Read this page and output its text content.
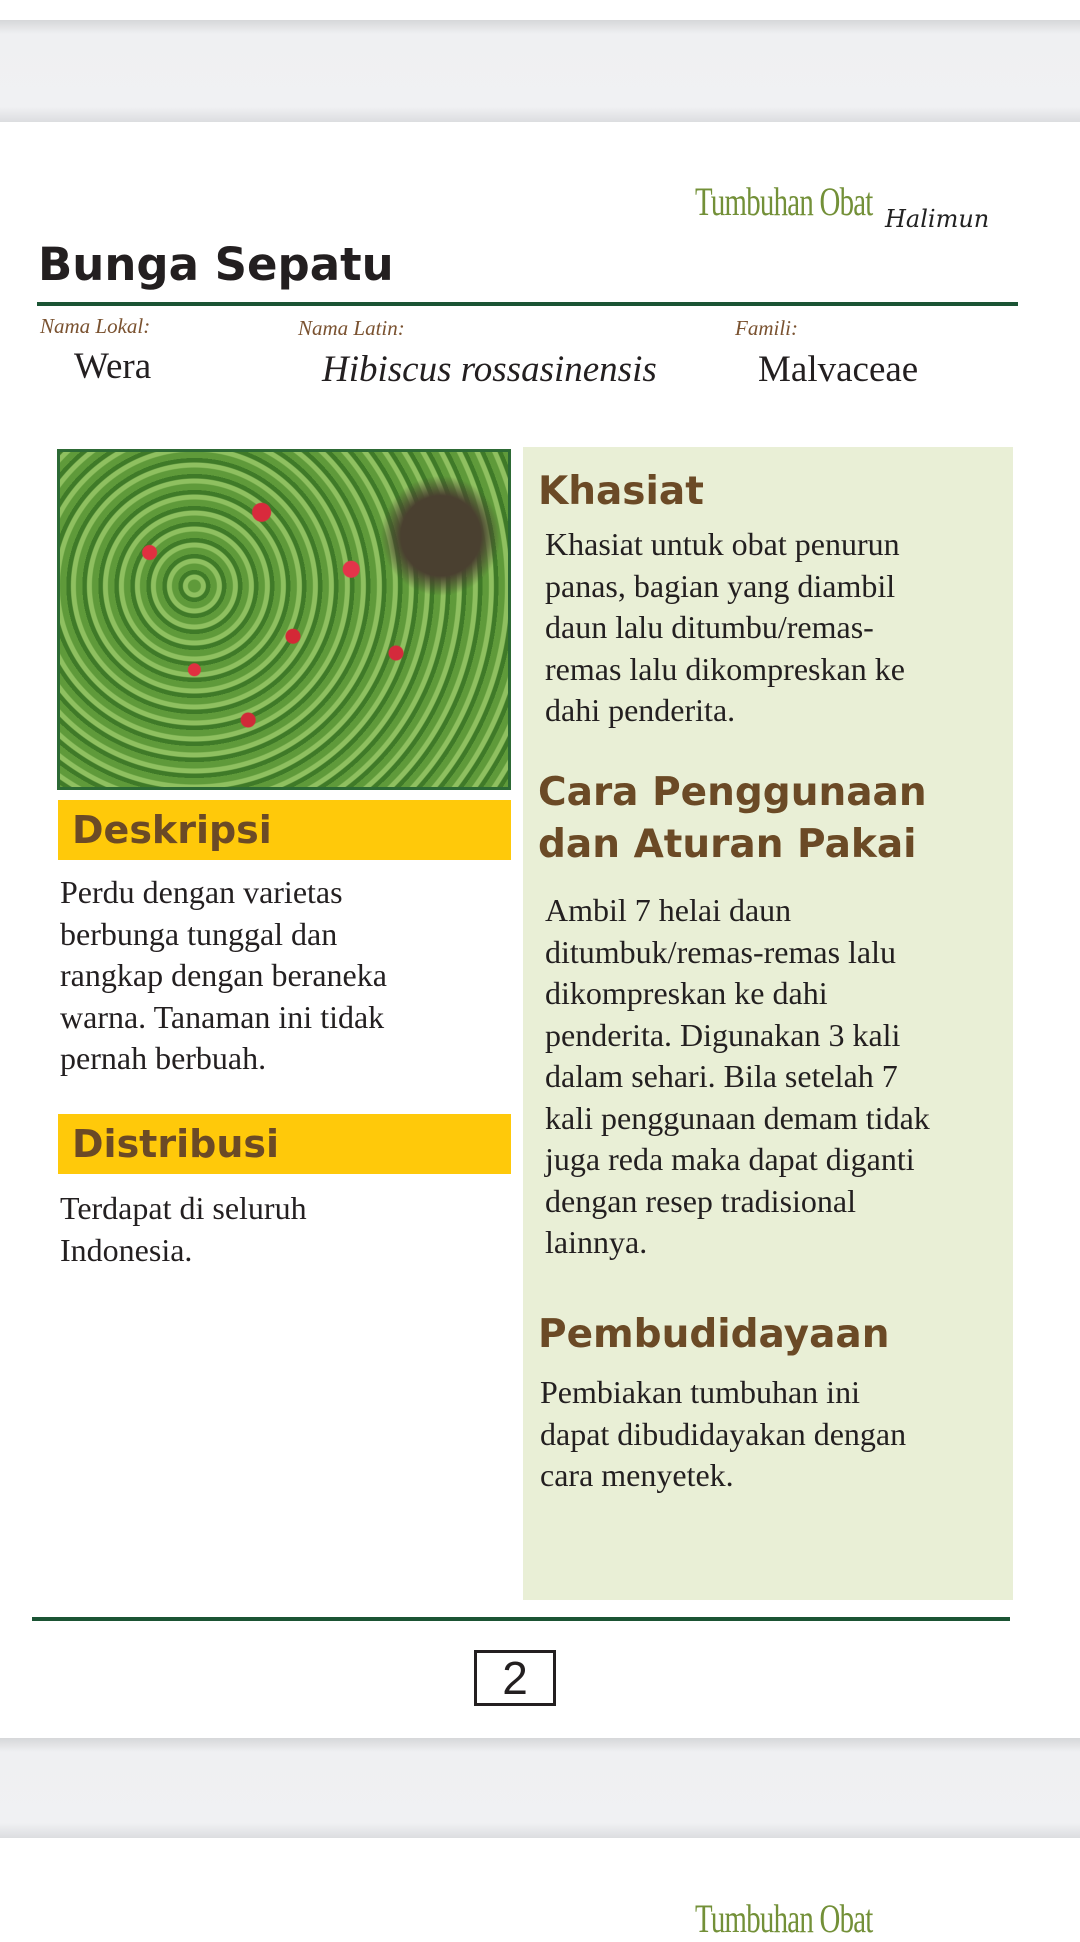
Tumbuhan Obat Halimun
Bunga Sepatu
Nama Lokal:	Nama Latin:	Famili:
Wera	Hibiscus rossasinensis	Malvaceae
Deskripsi
Perdu dengan varietas
berbunga tunggal dan
rangkap dengan beraneka
warna. Tanaman ini tidak
pernah berbuah.
Distribusi
Terdapat di seluruh
Indonesia.
Khasiat
Khasiat untuk obat penurun
panas, bagian yang diambil
daun lalu ditumbu/remas-
remas lalu dikompreskan ke
dahi penderita.
Cara Penggunaan
dan Aturan Pakai
Ambil 7 helai daun
ditumbuk/remas-remas lalu
dikompreskan ke dahi
penderita. Digunakan 3 kali
dalam sehari. Bila setelah 7
kali penggunaan demam tidak
juga reda maka dapat diganti
dengan resep tradisional
lainnya.
Pembudidayaan
Pembiakan tumbuhan ini
dapat dibudidayakan dengan
cara menyetek.
2
Tumbuhan Obat
